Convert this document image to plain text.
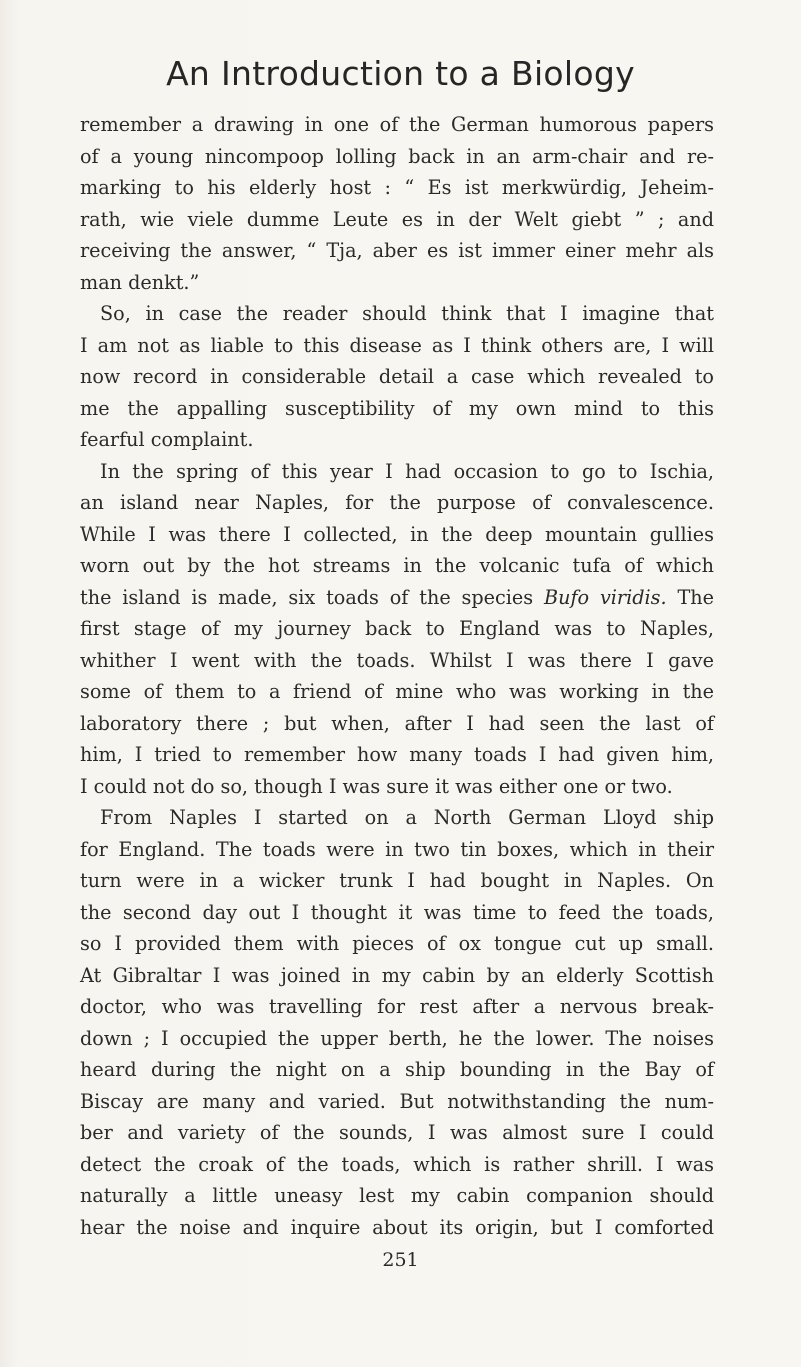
An Introduction to a Biology
remember a drawing in one of the German humorous papers
of a young nincompoop lolling back in an arm-chair and re-
marking to his elderly host : “ Es ist merkwürdig, Jeheim-
rath, wie viele dumme Leute es in der Welt giebt ” ; and
receiving the answer, “ Tja, aber es ist immer einer mehr als
man denkt.”
So, in case the reader should think that I imagine that
I am not as liable to this disease as I think others are, I will
now record in considerable detail a case which revealed to
me the appalling susceptibility of my own mind to this
fearful complaint.
In the spring of this year I had occasion to go to Ischia,
an island near Naples, for the purpose of convalescence.
While I was there I collected, in the deep mountain gullies
worn out by the hot streams in the volcanic tufa of which
the island is made, six toads of the species Bufo viridis. The
first stage of my journey back to England was to Naples,
whither I went with the toads. Whilst I was there I gave
some of them to a friend of mine who was working in the
laboratory there ; but when, after I had seen the last of
him, I tried to remember how many toads I had given him,
I could not do so, though I was sure it was either one or two.
From Naples I started on a North German Lloyd ship
for England. The toads were in two tin boxes, which in their
turn were in a wicker trunk I had bought in Naples. On
the second day out I thought it was time to feed the toads,
so I provided them with pieces of ox tongue cut up small.
At Gibraltar I was joined in my cabin by an elderly Scottish
doctor, who was travelling for rest after a nervous break-
down ; I occupied the upper berth, he the lower. The noises
heard during the night on a ship bounding in the Bay of
Biscay are many and varied. But notwithstanding the num-
ber and variety of the sounds, I was almost sure I could
detect the croak of the toads, which is rather shrill. I was
naturally a little uneasy lest my cabin companion should
hear the noise and inquire about its origin, but I comforted
251
